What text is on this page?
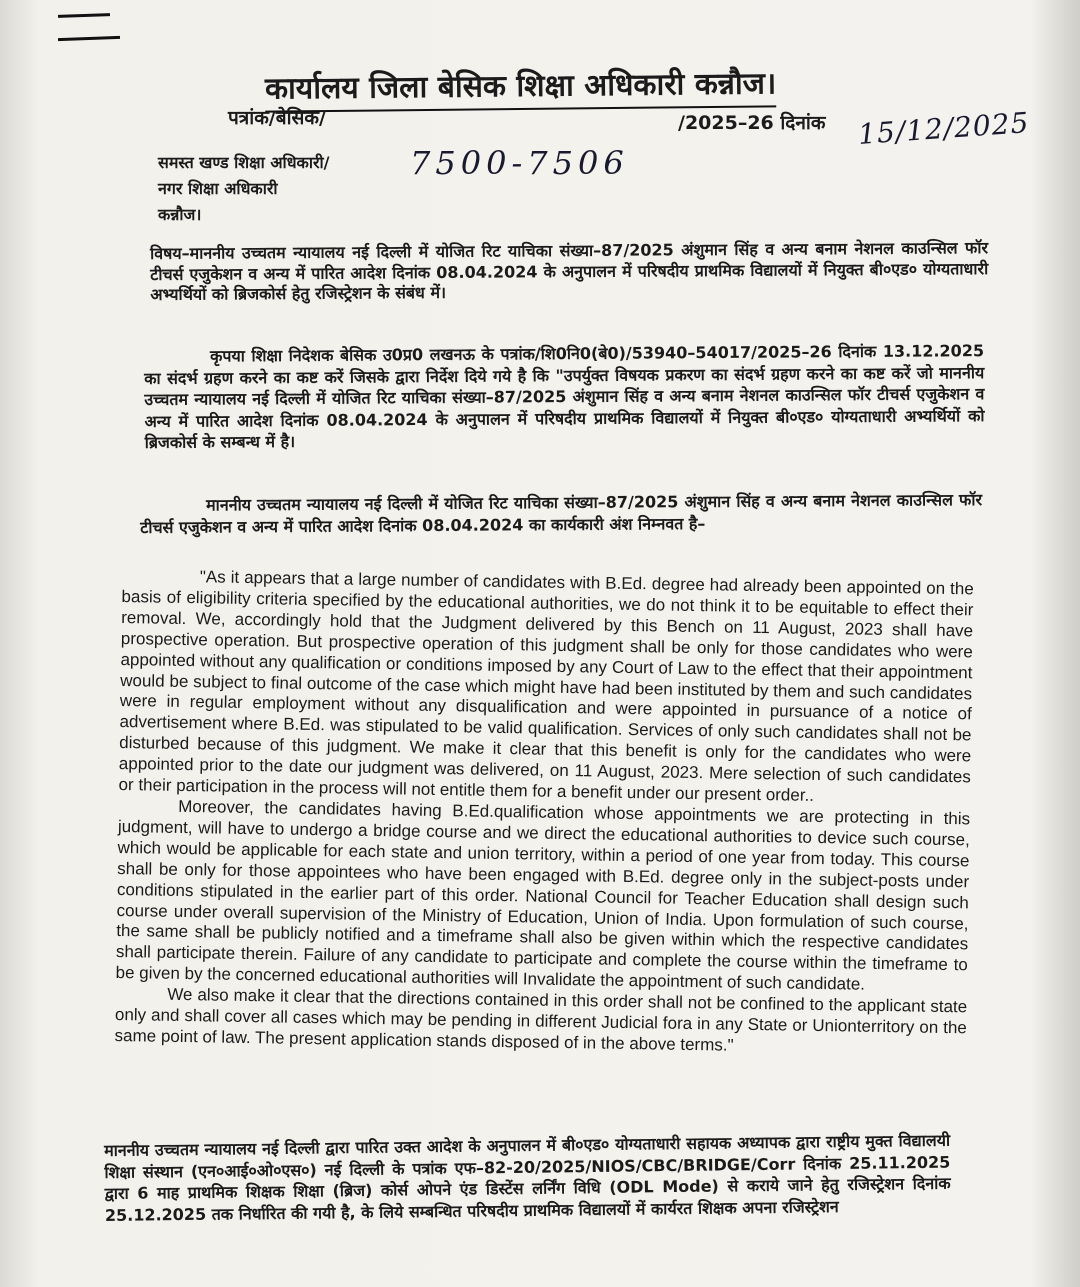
कार्यालय जिला बेसिक शिक्षा अधिकारी कन्नौज।
पत्रांक/बेसिक/	/2025–26 दिनांक 15/12/2025
समस्त खण्ड शिक्षा अधिकारी/
नगर शिक्षा अधिकारी
कन्नौज।
7500-7506
विषय–माननीय उच्चतम न्यायालय नई दिल्ली में योजित रिट याचिका संख्या–87/2025 अंशुमान सिंह व अन्य बनाम नेशनल काउन्सिल फॉर टीचर्स एजुकेशन व अन्य में पारित आदेश दिनांक 08.04.2024 के अनुपालन में परिषदीय प्राथमिक विद्यालयों में नियुक्त बी०एड० योग्यताधारी अभ्यर्थियों को ब्रिजकोर्स हेतु रजिस्ट्रेशन के संबंध में।

कृपया शिक्षा निदेशक बेसिक उ0प्र0 लखनऊ के पत्रांक/शि0नि0(बे0)/53940–54017/2025–26 दिनांक 13.12.2025 का संदर्भ ग्रहण करने का कष्ट करें जिसके द्वारा निर्देश दिये गये है कि "उपर्युक्त विषयक प्रकरण का संदर्भ ग्रहण करने का कष्ट करें जो माननीय उच्चतम न्यायालय नई दिल्ली में योजित रिट याचिका संख्या–87/2025 अंशुमान सिंह व अन्य बनाम नेशनल काउन्सिल फॉर टीचर्स एजुकेशन व अन्य में पारित आदेश दिनांक 08.04.2024 के अनुपालन में परिषदीय प्राथमिक विद्यालयों में नियुक्त बी०एड० योग्यताधारी अभ्यर्थियों को ब्रिजकोर्स के सम्बन्ध में है।

माननीय उच्चतम न्यायालय नई दिल्ली में योजित रिट याचिका संख्या–87/2025 अंशुमान सिंह व अन्य बनाम नेशनल काउन्सिल फॉर टीचर्स एजुकेशन व अन्य में पारित आदेश दिनांक 08.04.2024 का कार्यकारी अंश निम्नवत है–

"As it appears that a large number of candidates with B.Ed. degree had already been appointed on the basis of eligibility criteria specified by the educational authorities, we do not think it to be equitable to effect their removal. We, accordingly hold that the Judgment delivered by this Bench on 11 August, 2023 shall have prospective operation. But prospective operation of this judgment shall be only for those candidates who were appointed without any qualification or conditions imposed by any Court of Law to the effect that their appointment would be subject to final outcome of the case which might have had been instituted by them and such candidates were in regular employment without any disqualification and were appointed in pursuance of a notice of advertisement where B.Ed. was stipulated to be valid qualification. Services of only such candidates shall not be disturbed because of this judgment. We make it clear that this benefit is only for the candidates who were appointed prior to the date our judgment was delivered, on 11 August, 2023. Mere selection of such candidates or their participation in the process will not entitle them for a benefit under our present order..

Moreover, the candidates having B.Ed.qualification whose appointments we are protecting in this judgment, will have to undergo a bridge course and we direct the educational authorities to device such course, which would be applicable for each state and union territory, within a period of one year from today. This course shall be only for those appointees who have been engaged with B.Ed. degree only in the subject-posts under conditions stipulated in the earlier part of this order. National Council for Teacher Education shall design such course under overall supervision of the Ministry of Education, Union of India. Upon formulation of such course, the same shall be publicly notified and a timeframe shall also be given within which the respective candidates shall participate therein. Failure of any candidate to participate and complete the course within the timeframe to be given by the concerned educational authorities will Invalidate the appointment of such candidate.

We also make it clear that the directions contained in this order shall not be confined to the applicant state only and shall cover all cases which may be pending in different Judicial fora in any State or Unionterritory on the same point of law. The present application stands disposed of in the above terms."

माननीय उच्चतम न्यायालय नई दिल्ली द्वारा पारित उक्त आदेश के अनुपालन में बी०एड० योग्यताधारी सहायक अध्यापक द्वारा राष्ट्रीय मुक्त विद्यालयी शिक्षा संस्थान (एन०आई०ओ०एस०) नई दिल्ली के पत्रांक एफ–82-20/2025/NIOS/CBC/BRIDGE/Corr दिनांक 25.11.2025 द्वारा 6 माह प्राथमिक शिक्षक शिक्षा (ब्रिज) कोर्स ओपने एंड डिस्टेंस लर्निंग विधि (ODL Mode) से कराये जाने हेतु रजिस्ट्रेशन दिनांक 25.12.2025 तक निर्धारित की गयी है, के लिये सम्बन्धित परिषदीय प्राथमिक विद्यालयों में कार्यरत शिक्षक अपना रजिस्ट्रेशन
